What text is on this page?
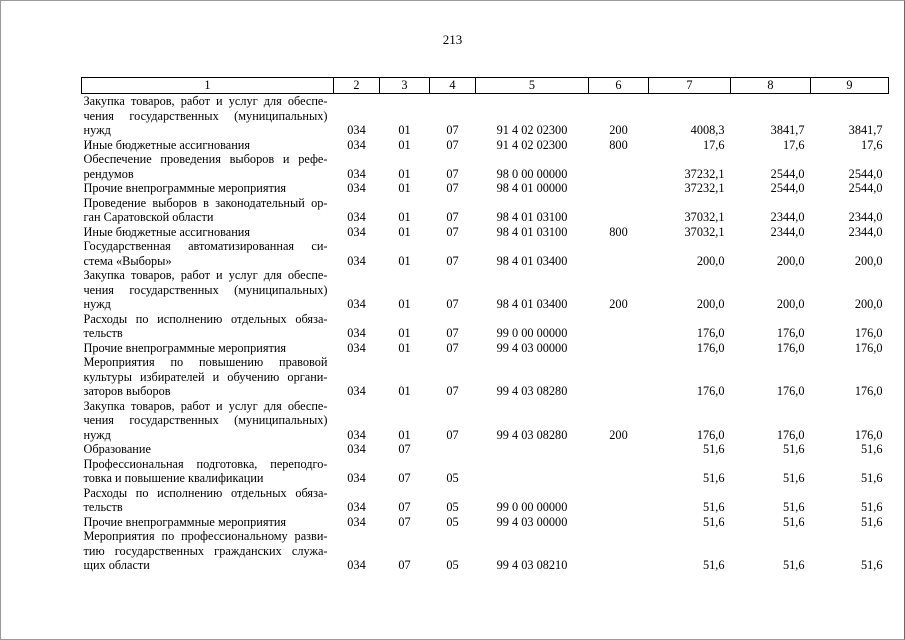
213
1	2	3	4	5	6	7	8	9
Закупка товаров, работ и услуг для обеспе-чения государственных (муниципальных) нужд	034	01	07	91 4 02 02300	200	4008,3	3841,7	3841,7
Иные бюджетные ассигнования	034	01	07	91 4 02 02300	800	17,6	17,6	17,6
Обеспечение проведения выборов и рефе-рендумов	034	01	07	98 0 00 00000		37232,1	2544,0	2544,0
Прочие внепрограммные мероприятия	034	01	07	98 4 01 00000		37232,1	2544,0	2544,0
Проведение выборов в законодательный ор-ган Саратовской области	034	01	07	98 4 01 03100		37032,1	2344,0	2344,0
Иные бюджетные ассигнования	034	01	07	98 4 01 03100	800	37032,1	2344,0	2344,0
Государственная автоматизированная си-стема «Выборы»	034	01	07	98 4 01 03400		200,0	200,0	200,0
Закупка товаров, работ и услуг для обеспе-чения государственных (муниципальных) нужд	034	01	07	98 4 01 03400	200	200,0	200,0	200,0
Расходы по исполнению отдельных обяза-тельств	034	01	07	99 0 00 00000		176,0	176,0	176,0
Прочие внепрограммные мероприятия	034	01	07	99 4 03 00000		176,0	176,0	176,0
Мероприятия по повышению правовой культуры избирателей и обучению органи-заторов выборов	034	01	07	99 4 03 08280		176,0	176,0	176,0
Закупка товаров, работ и услуг для обеспе-чения государственных (муниципальных) нужд	034	01	07	99 4 03 08280	200	176,0	176,0	176,0
Образование	034	07				51,6	51,6	51,6
Профессиональная подготовка, переподго-товка и повышение квалификации	034	07	05			51,6	51,6	51,6
Расходы по исполнению отдельных обяза-тельств	034	07	05	99 0 00 00000		51,6	51,6	51,6
Прочие внепрограммные мероприятия	034	07	05	99 4 03 00000		51,6	51,6	51,6
Мероприятия по профессиональному разви-тию государственных гражданских служа-щих области	034	07	05	99 4 03 08210		51,6	51,6	51,6
